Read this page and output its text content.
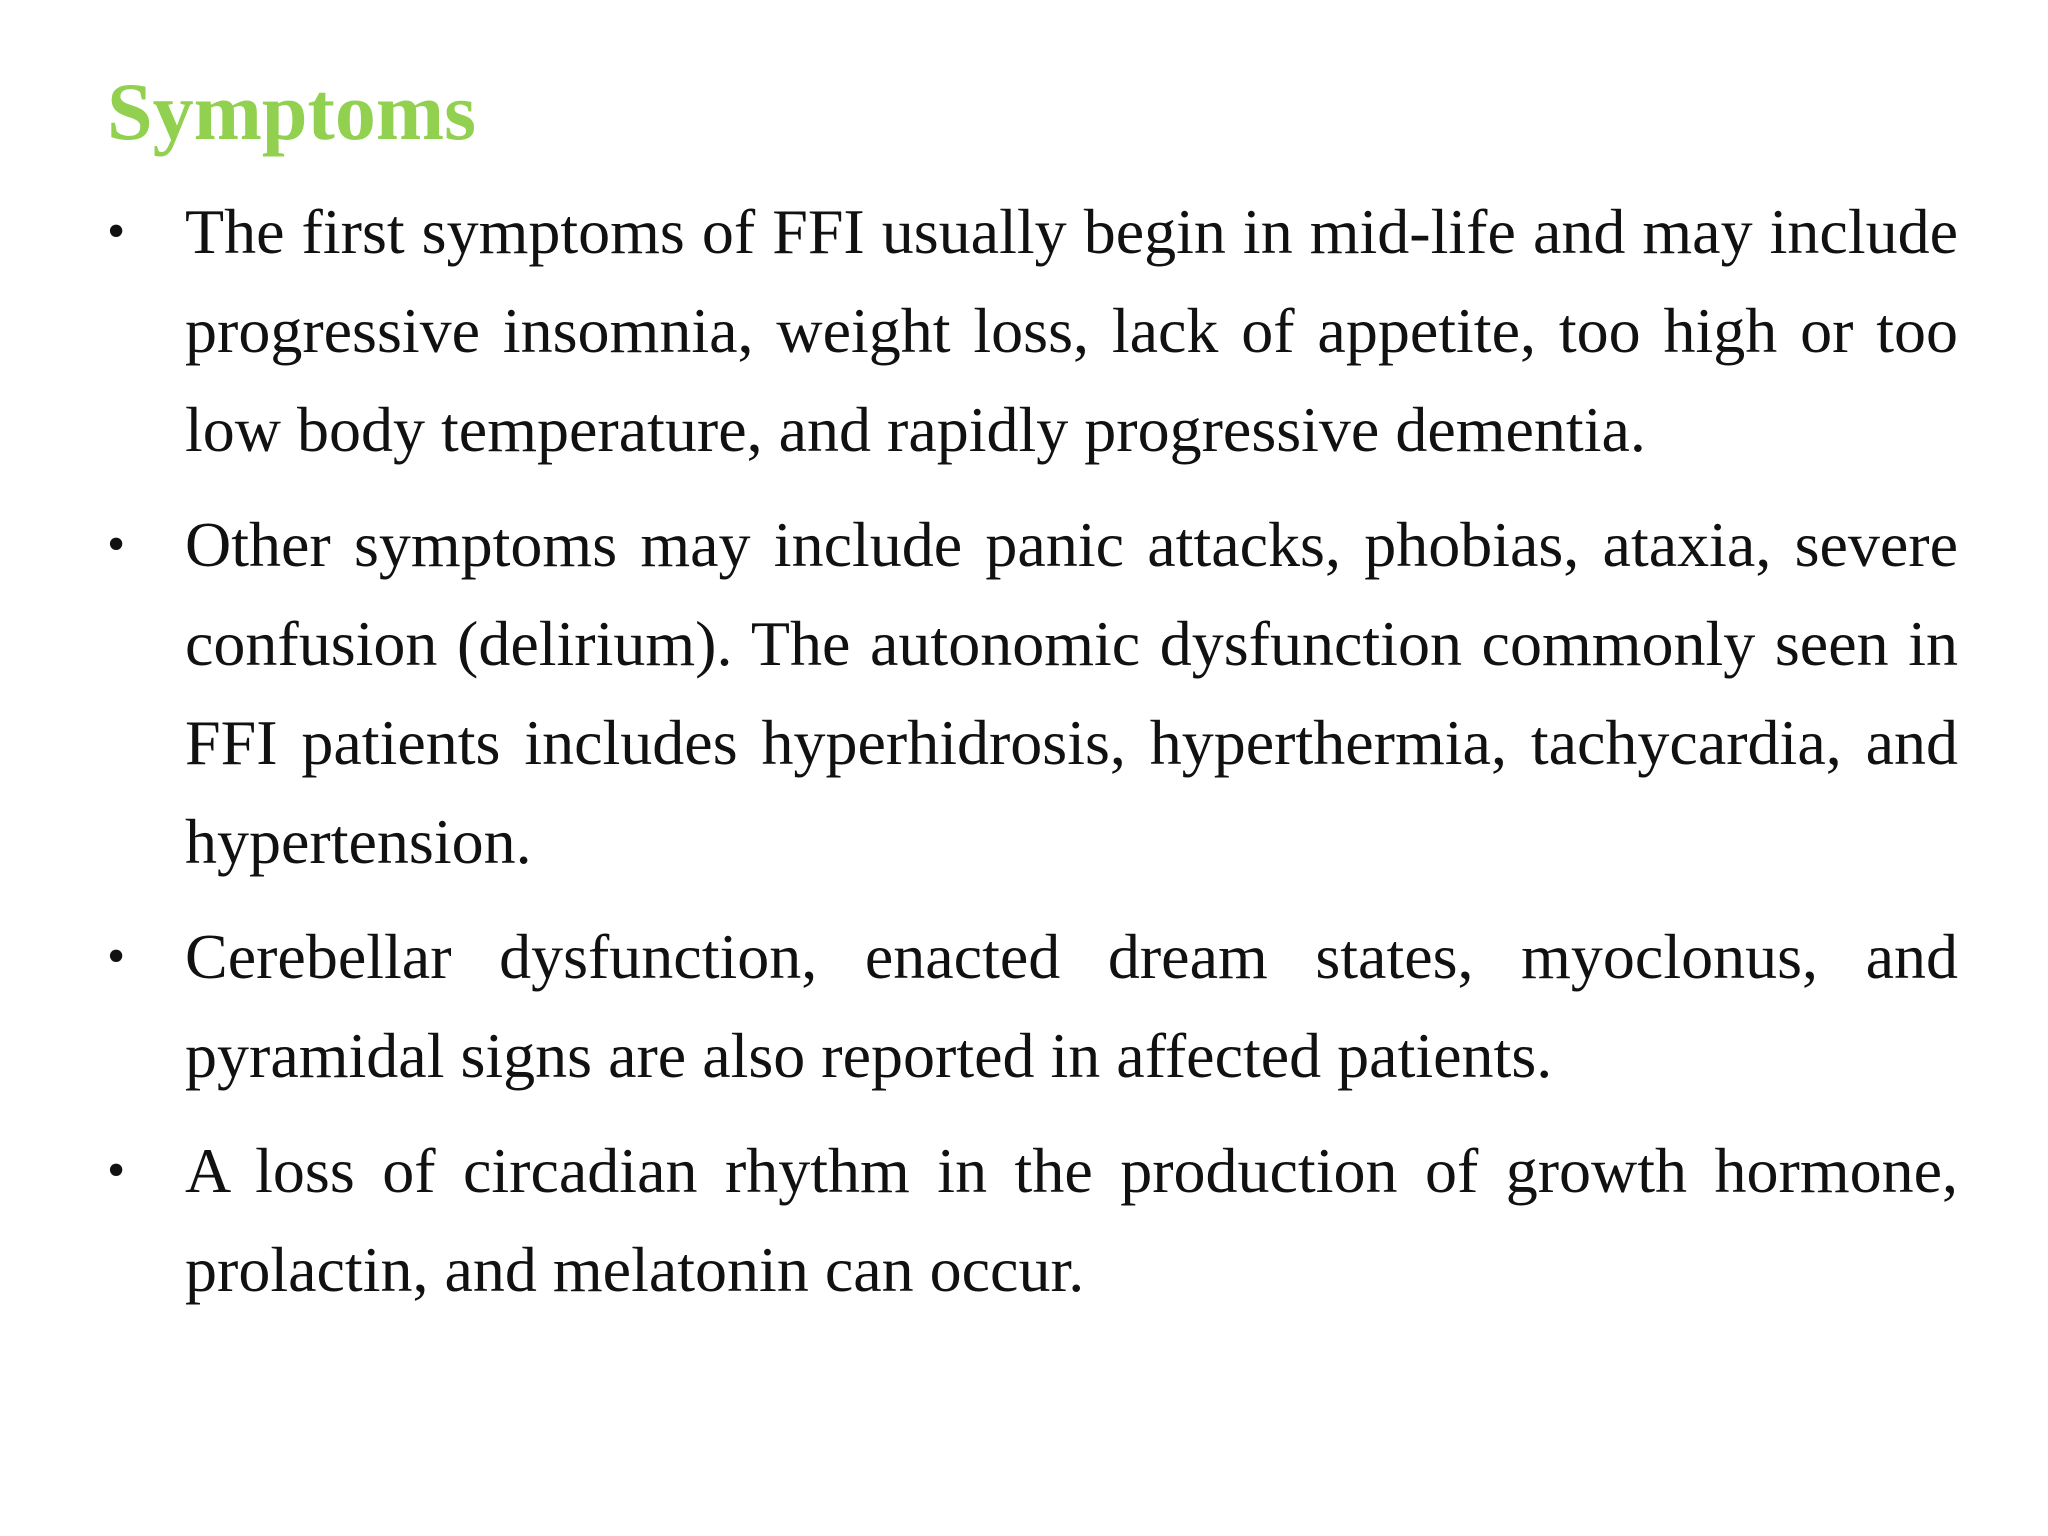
Symptoms
• The first symptoms of FFI usually begin in mid-life and may include progressive insomnia, weight loss, lack of appetite, too high or too low body temperature, and rapidly progressive dementia.
• Other symptoms may include panic attacks, phobias, ataxia, severe confusion (delirium). The autonomic dysfunction commonly seen in FFI patients includes hyperhidrosis, hyperthermia, tachycardia, and hypertension.
• Cerebellar dysfunction, enacted dream states, myoclonus, and pyramidal signs are also reported in affected patients.
• A loss of circadian rhythm in the production of growth hormone, prolactin, and melatonin can occur.
